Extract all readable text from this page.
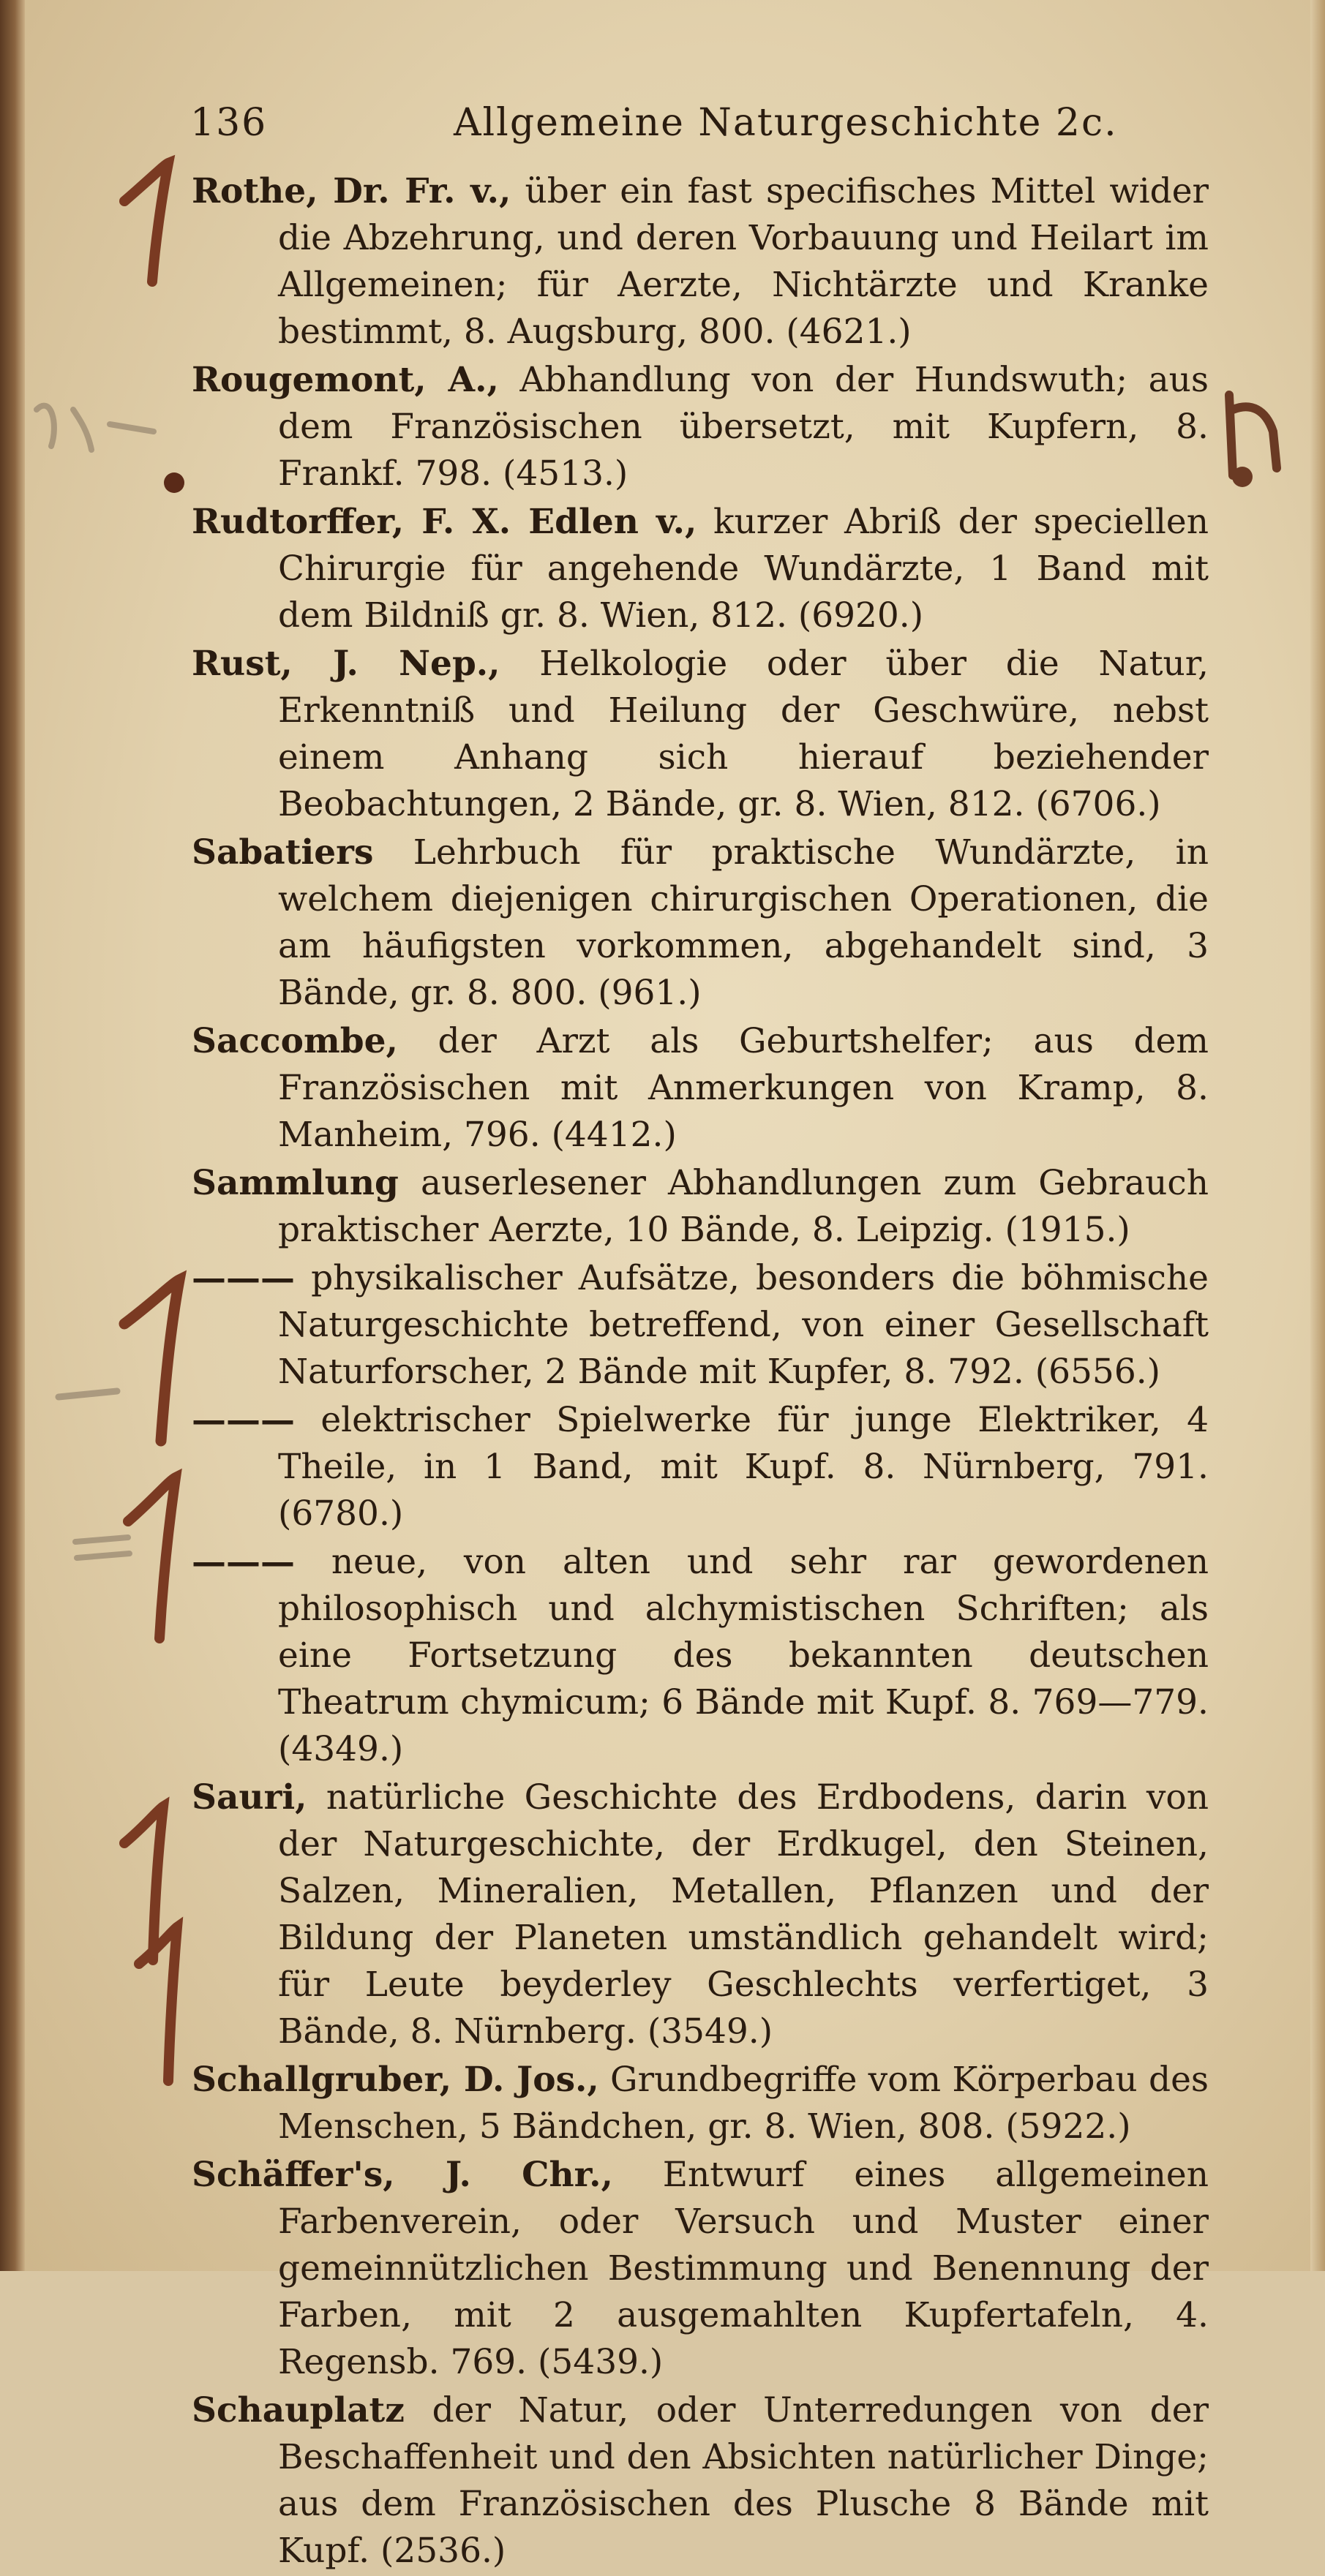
136	Allgemeine Naturgeschichte 2c.
Rothe, Dr. Fr. v., über ein fast specifisches Mittel wider die Abzehrung, und deren Vorbauung und Heilart im Allgemeinen; für Aerzte, Nichtärzte und Kranke bestimmt, 8. Augsburg, 800. (4621.)
Rougemont, A., Abhandlung von der Hundswuth; aus dem Französischen übersetzt, mit Kupfern, 8. Frankf. 798. (4513.)
Rudtorffer, F. X. Edlen v., kurzer Abriß der speciellen Chirurgie für angehende Wundärzte, 1 Band mit dem Bildniß gr. 8. Wien, 812. (6920.)
Rust, J. Nep., Helkologie oder über die Natur, Erkenntniß und Heilung der Geschwüre, nebst einem Anhang sich hierauf beziehender Beobachtungen, 2 Bände, gr. 8. Wien, 812. (6706.)
Sabatiers Lehrbuch für praktische Wundärzte, in welchem diejenigen chirurgischen Operationen, die am häufigsten vorkommen, abgehandelt sind, 3 Bände, gr. 8. 800. (961.)
Saccombe, der Arzt als Geburtshelfer; aus dem Französischen mit Anmerkungen von Kramp, 8. Manheim, 796. (4412.)
Sammlung auserlesener Abhandlungen zum Gebrauch praktischer Aerzte, 10 Bände, 8. Leipzig. (1915.)
——— physikalischer Aufsätze, besonders die böhmische Naturgeschichte betreffend, von einer Gesellschaft Naturforscher, 2 Bände mit Kupfer, 8. 792. (6556.)
——— elektrischer Spielwerke für junge Elektriker, 4 Theile, in 1 Band, mit Kupf. 8. Nürnberg, 791. (6780.)
——— neue, von alten und sehr rar gewordenen philosophisch und alchymistischen Schriften; als eine Fortsetzung des bekannten deutschen Theatrum chymicum; 6 Bände mit Kupf. 8. 769—779. (4349.)
Sauri, natürliche Geschichte des Erdbodens, darin von der Naturgeschichte, der Erdkugel, den Steinen, Salzen, Mineralien, Metallen, Pflanzen und der Bildung der Planeten umständlich gehandelt wird; für Leute beyderley Geschlechts verfertiget, 3 Bände, 8. Nürnberg. (3549.)
Schallgruber, D. Jos., Grundbegriffe vom Körperbau des Menschen, 5 Bändchen, gr. 8. Wien, 808. (5922.)
Schäffer's, J. Chr., Entwurf eines allgemeinen Farbenverein, oder Versuch und Muster einer gemeinnützlichen Bestimmung und Benennung der Farben, mit 2 ausgemahlten Kupfertafeln, 4. Regensb. 769. (5439.)
Schauplatz der Natur, oder Unterredungen von der Beschaffenheit und den Absichten natürlicher Dinge; aus dem Französischen des Plusche 8 Bände mit Kupf. (2536.)
